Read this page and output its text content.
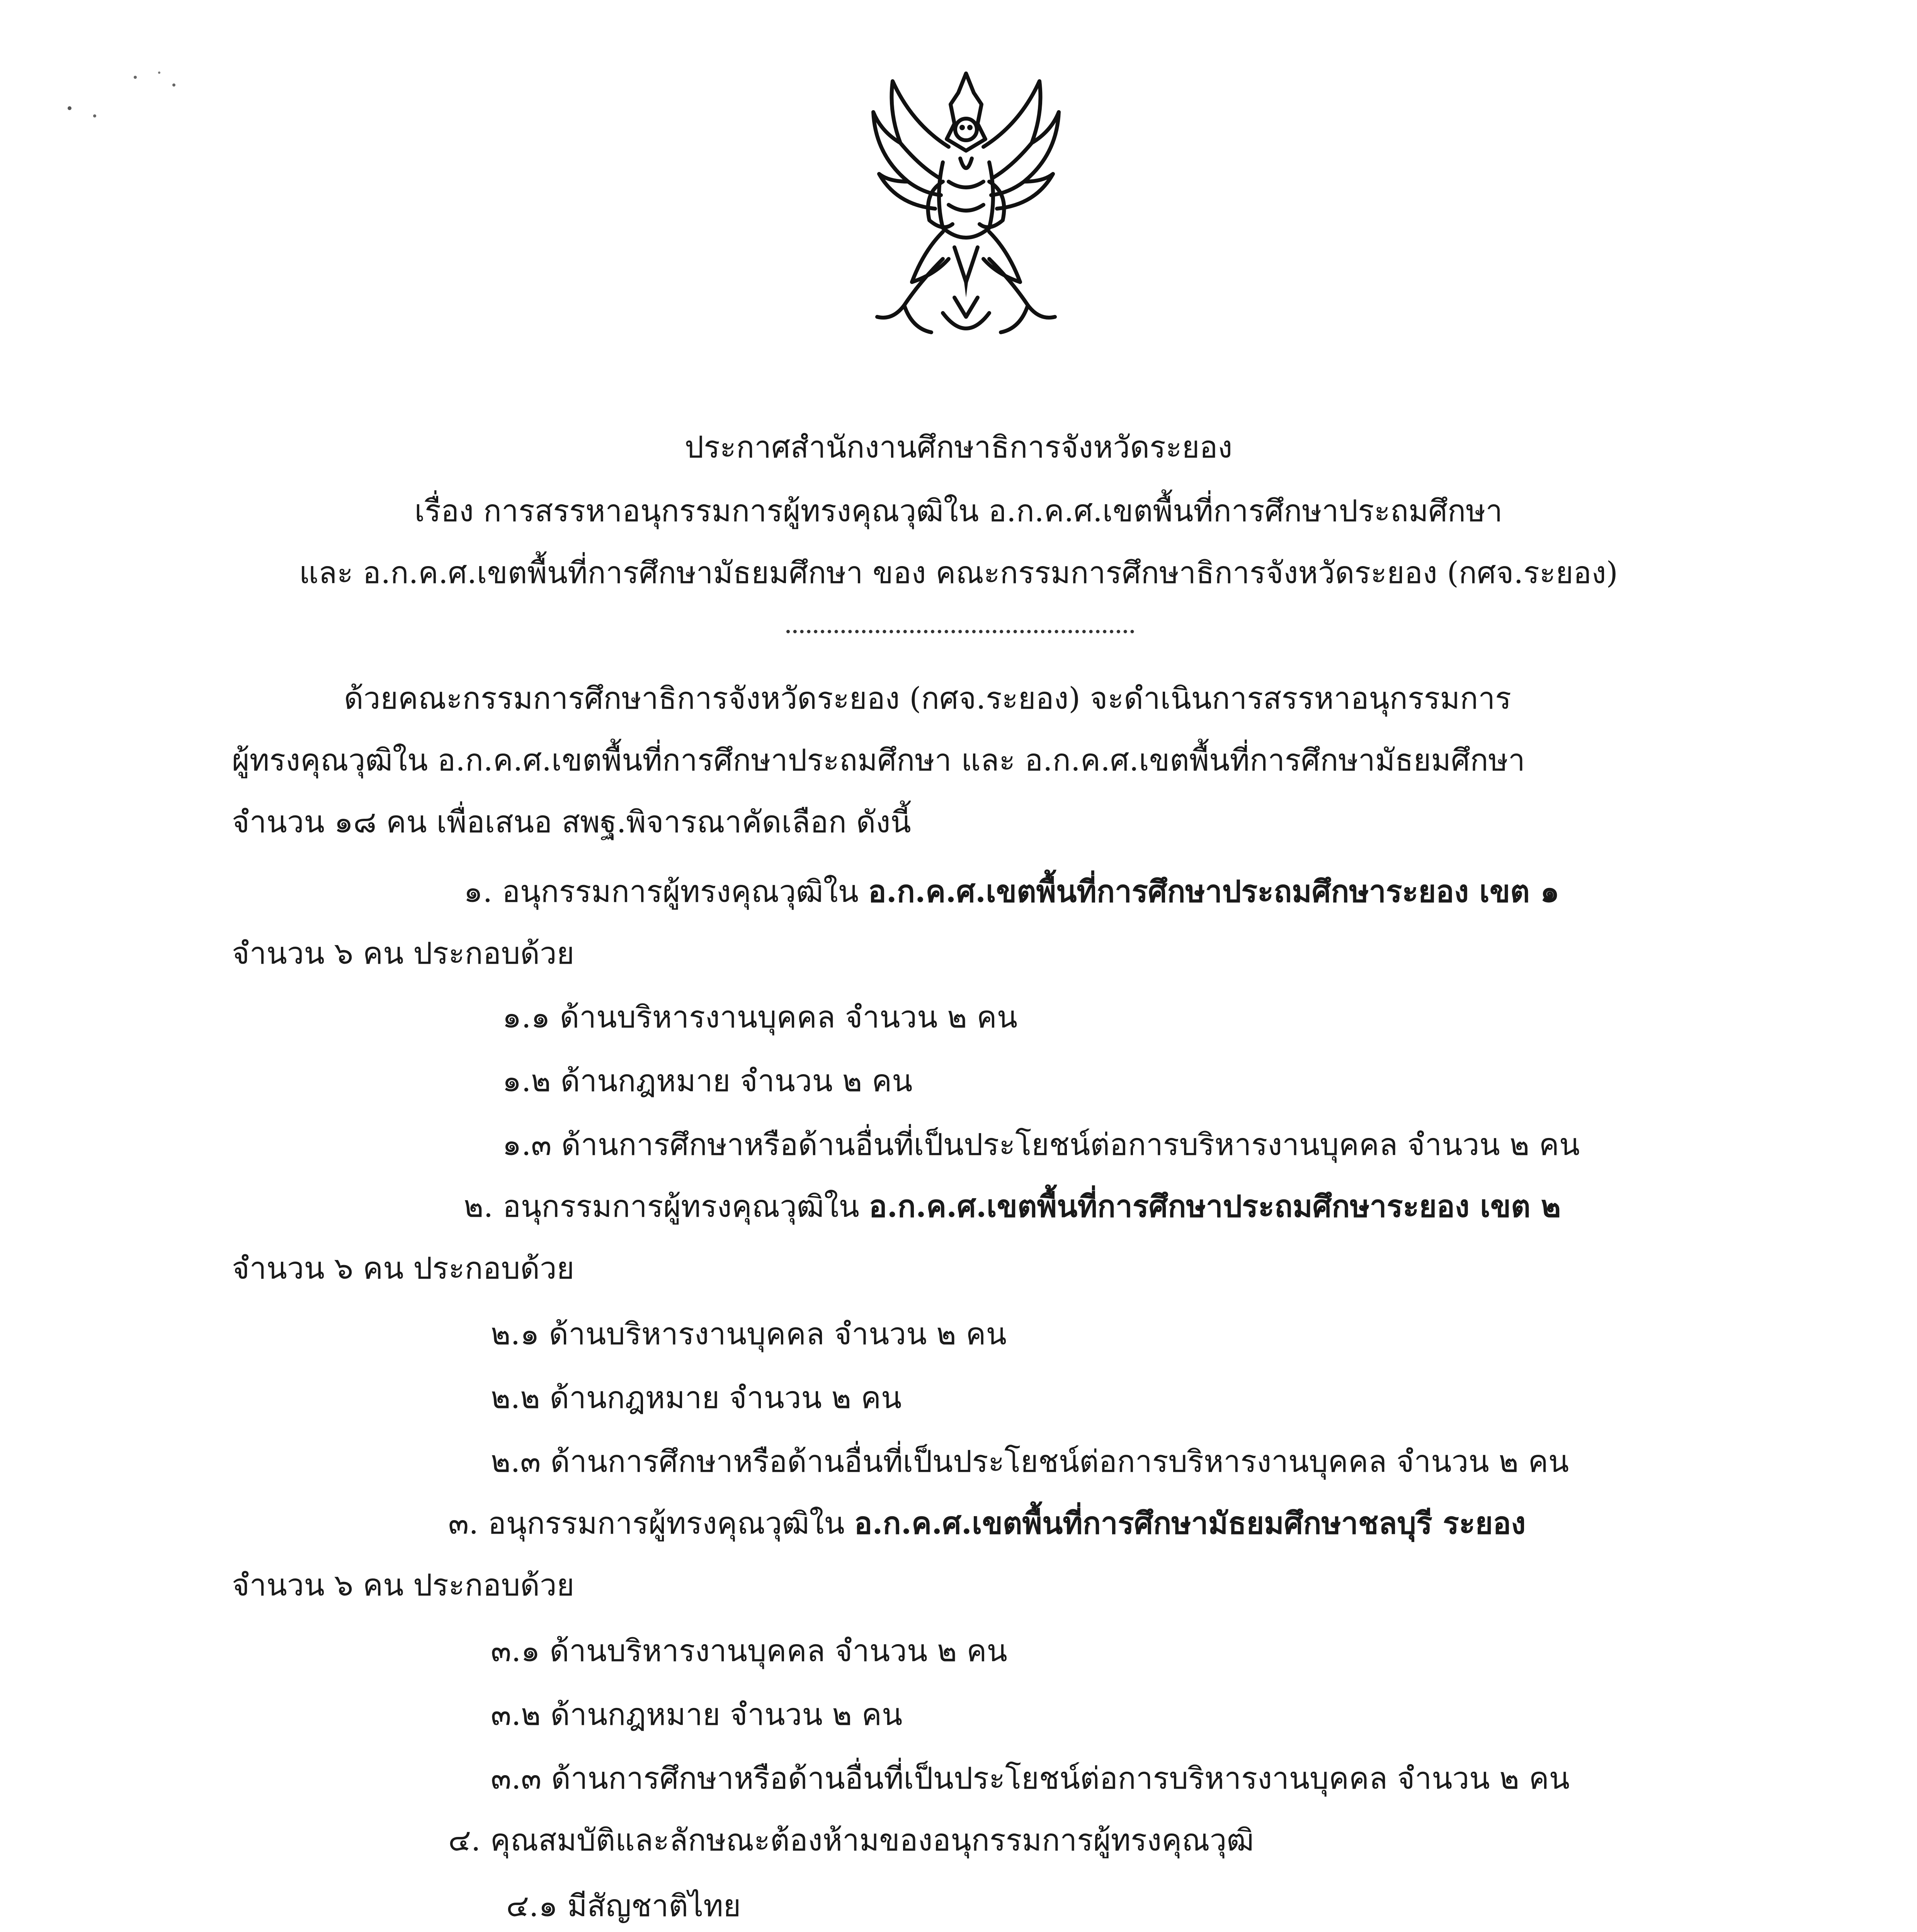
ประกาศสำนักงานศึกษาธิการจังหวัดระยอง
เรื่อง การสรรหาอนุกรรมการผู้ทรงคุณวุฒิใน อ.ก.ค.ศ.เขตพื้นที่การศึกษาประถมศึกษา
และ อ.ก.ค.ศ.เขตพื้นที่การศึกษามัธยมศึกษา ของ คณะกรรมการศึกษาธิการจังหวัดระยอง (กศจ.ระยอง)
ด้วยคณะกรรมการศึกษาธิการจังหวัดระยอง (กศจ.ระยอง) จะดำเนินการสรรหาอนุกรรมการ
ผู้ทรงคุณวุฒิใน อ.ก.ค.ศ.เขตพื้นที่การศึกษาประถมศึกษา และ อ.ก.ค.ศ.เขตพื้นที่การศึกษามัธยมศึกษา
จำนวน ๑๘ คน เพื่อเสนอ สพฐ.พิจารณาคัดเลือก ดังนี้
๑. อนุกรรมการผู้ทรงคุณวุฒิใน อ.ก.ค.ศ.เขตพื้นที่การศึกษาประถมศึกษาระยอง เขต ๑
จำนวน ๖ คน ประกอบด้วย
๑.๑ ด้านบริหารงานบุคคล จำนวน ๒ คน
๑.๒ ด้านกฎหมาย จำนวน ๒ คน
๑.๓ ด้านการศึกษาหรือด้านอื่นที่เป็นประโยชน์ต่อการบริหารงานบุคคล จำนวน ๒ คน
๒. อนุกรรมการผู้ทรงคุณวุฒิใน อ.ก.ค.ศ.เขตพื้นที่การศึกษาประถมศึกษาระยอง เขต ๒
จำนวน ๖ คน ประกอบด้วย
๒.๑ ด้านบริหารงานบุคคล จำนวน ๒ คน
๒.๒ ด้านกฎหมาย จำนวน ๒ คน
๒.๓ ด้านการศึกษาหรือด้านอื่นที่เป็นประโยชน์ต่อการบริหารงานบุคคล จำนวน ๒ คน
๓. อนุกรรมการผู้ทรงคุณวุฒิใน อ.ก.ค.ศ.เขตพื้นที่การศึกษามัธยมศึกษาชลบุรี ระยอง
จำนวน ๖ คน ประกอบด้วย
๓.๑ ด้านบริหารงานบุคคล จำนวน ๒ คน
๓.๒ ด้านกฎหมาย จำนวน ๒ คน
๓.๓ ด้านการศึกษาหรือด้านอื่นที่เป็นประโยชน์ต่อการบริหารงานบุคคล จำนวน ๒ คน
๔. คุณสมบัติและลักษณะต้องห้ามของอนุกรรมการผู้ทรงคุณวุฒิ
๔.๑ มีสัญชาติไทย
